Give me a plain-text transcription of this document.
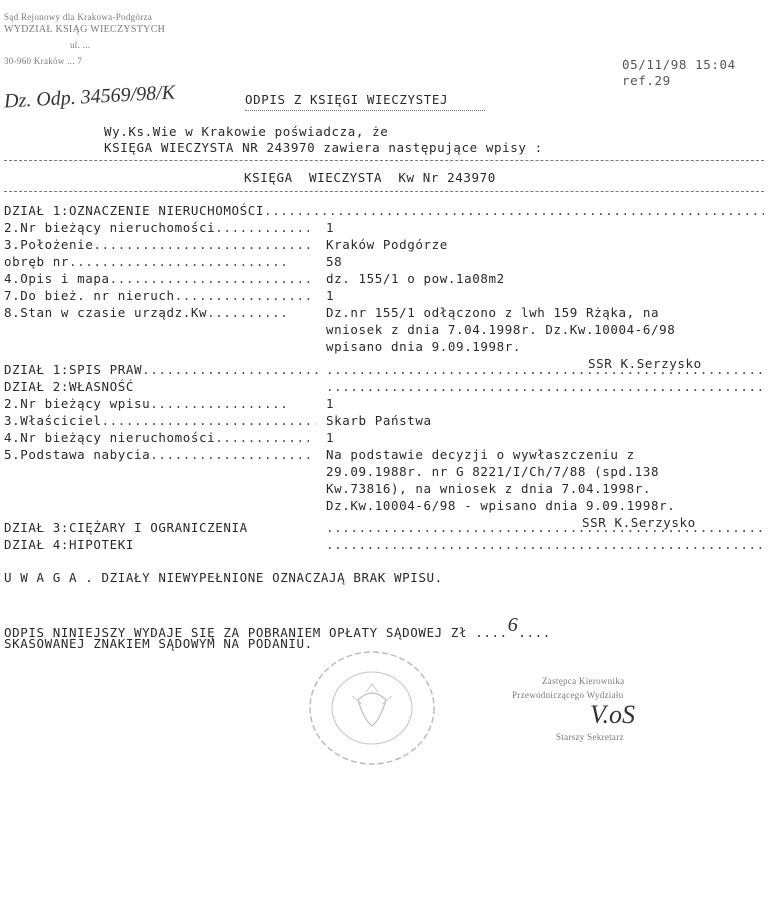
Sąd Rejonowy dla Krakowa-Podgórza
WYDZIAŁ KSIĄG WIECZYSTYCH
ul. ...
30-960 Kraków ... 7	05/11/98 15:04
ref.29
Dz. Odp. 34569/98/K	ODPIS Z KSIĘGI WIECZYSTEJ
Wy.Ks.Wie w Krakowie poświadcza, że
KSIĘGA WIECZYSTA NR 243970 zawiera następujące wpisy :
KSIĘGA  WIECZYSTA  Kw Nr 243970
DZIAŁ 1:OZNACZENIE NIERUCHOMOŚCI
.....
2.Nr bieżący nieruchomości .....	1
3.Położenie .....	Kraków Podgórze
obręb nr .....	58
4.Opis i mapa .....	dz. 155/1 o pow.1a08m2
7.Do bież. nr nieruch .....	1
8.Stan w czasie urządz.Kw .....	Dz.nr 155/1 odłączono z lwh 159 Rżąka, na
wniosek z dnia 7.04.1998r. Dz.Kw.10004-6/98
wpisano dnia 9.09.1998r.
SSR K.Serzysko
DZIAŁ 1:SPIS PRAW
.....
.....
DZIAŁ 2:WŁASNOŚĆ
.....
2.Nr bieżący wpisu .....	1
3.Właściciel .....	Skarb Państwa
4.Nr bieżący nieruchomości .....	1
5.Podstawa nabycia .....	Na podstawie decyzji o wywłaszczeniu z
29.09.1988r. nr G 8221/I/Ch/7/88 (spd.138
Kw.73816), na wniosek z dnia 7.04.1998r.
Dz.Kw.10004-6/98 - wpisano dnia 9.09.1998r.
SSR K.Serzysko
DZIAŁ 3:CIĘŻARY I OGRANICZENIA
.....
DZIAŁ 4:HIPOTEKI
.....
U W A G A . DZIAŁY NIEWYPEŁNIONE OZNACZAJĄ BRAK WPISU.
ODPIS NINIEJSZY WYDAJE SIĘ ZA POBRANIEM OPŁATY SĄDOWEJ Zł ....6....
SKASOWANEJ ZNAKIEM SĄDOWYM NA PODANIU.
Zastępca Kierownika
Przewodniczącego Wydziału
V.oS
Starszy Sekretarz
